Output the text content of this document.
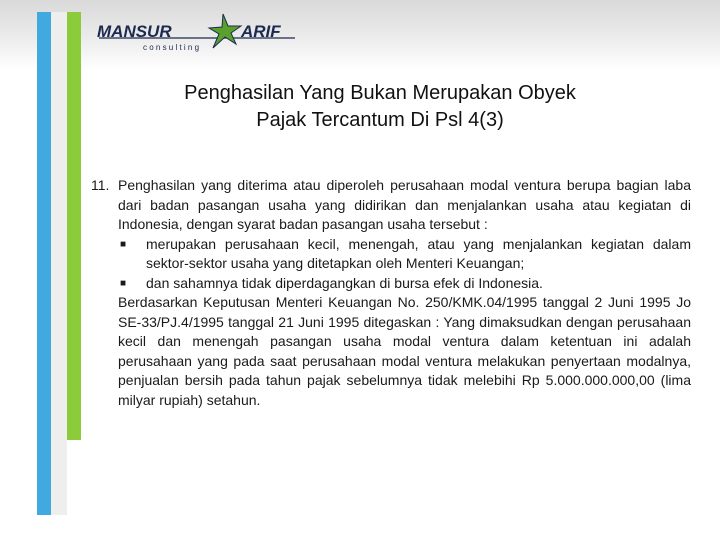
MANSUR	ARIF
c o n s u l t i n g
Penghasilan Yang Bukan Merupakan Obyek
Pajak Tercantum Di Psl 4(3)
11. Penghasilan yang diterima atau diperoleh perusahaan modal ventura berupa bagian laba dari badan pasangan usaha yang didirikan dan menjalankan usaha atau kegiatan di Indonesia, dengan syarat badan pasangan usaha tersebut :
■	merupakan perusahaan kecil, menengah, atau yang menjalankan kegiatan dalam sektor-sektor usaha yang ditetapkan oleh Menteri Keuangan;
■	dan sahamnya tidak diperdagangkan di bursa efek di Indonesia.
Berdasarkan Keputusan Menteri Keuangan No. 250/KMK.04/1995 tanggal 2 Juni 1995 Jo SE-33/PJ.4/1995 tanggal 21 Juni 1995 ditegaskan : Yang dimaksudkan dengan perusahaan kecil dan menengah pasangan usaha modal ventura dalam ketentuan ini adalah perusahaan yang pada saat perusahaan modal ventura melakukan penyertaan modalnya, penjualan bersih pada tahun pajak sebelumnya tidak melebihi Rp 5.000.000.000,00 (lima milyar rupiah) setahun.
